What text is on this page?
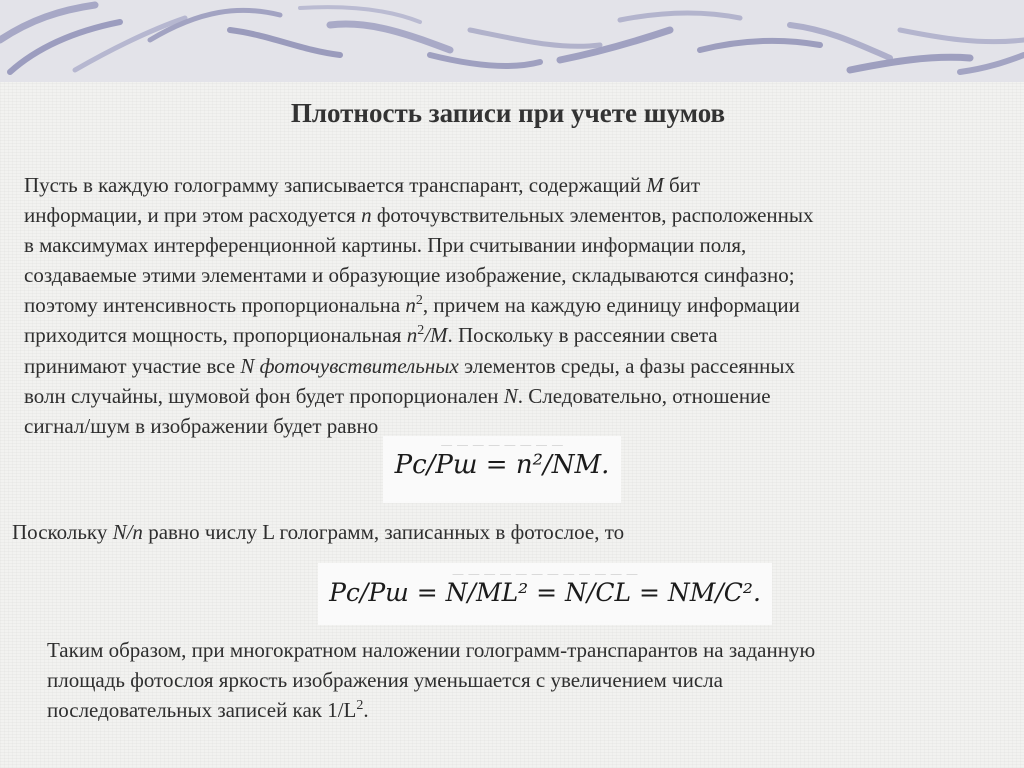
Плотность записи при учете шумов
Пусть в каждую голограмму записывается транспарант, содержащий M бит
информации, и при этом расходуется n фоточувствительных элементов, расположенных
в максимумах интерференционной картины. При считывании информации поля,
создаваемые этими элементами и образующие изображение, складываются синфазно;
поэтому интенсивность пропорциональна $n^2$, причем на каждую единицу информации
приходится мощность, пропорциональная $n^2/M$. Поскольку в рассеянии света
принимают участие все N фоточувствительных элементов среды, а фазы рассеянных
волн случайны, шумовой фон будет пропорционален N. Следовательно, отношение
сигнал/шум в изображении будет равно
— — — — — — — —
Pc/Pш = n²/NM.
Поскольку N/n равно числу L голограмм, записанных в фотослое, то
— — — — — — — — — — — —
Pc/Pш = N/ML² = N/CL = NM/C².
Таким образом, при многократном наложении голограмм-транспарантов на заданную
площадь фотослоя яркость изображения уменьшается с увеличением числа
последовательных записей как $1/L^2$.
